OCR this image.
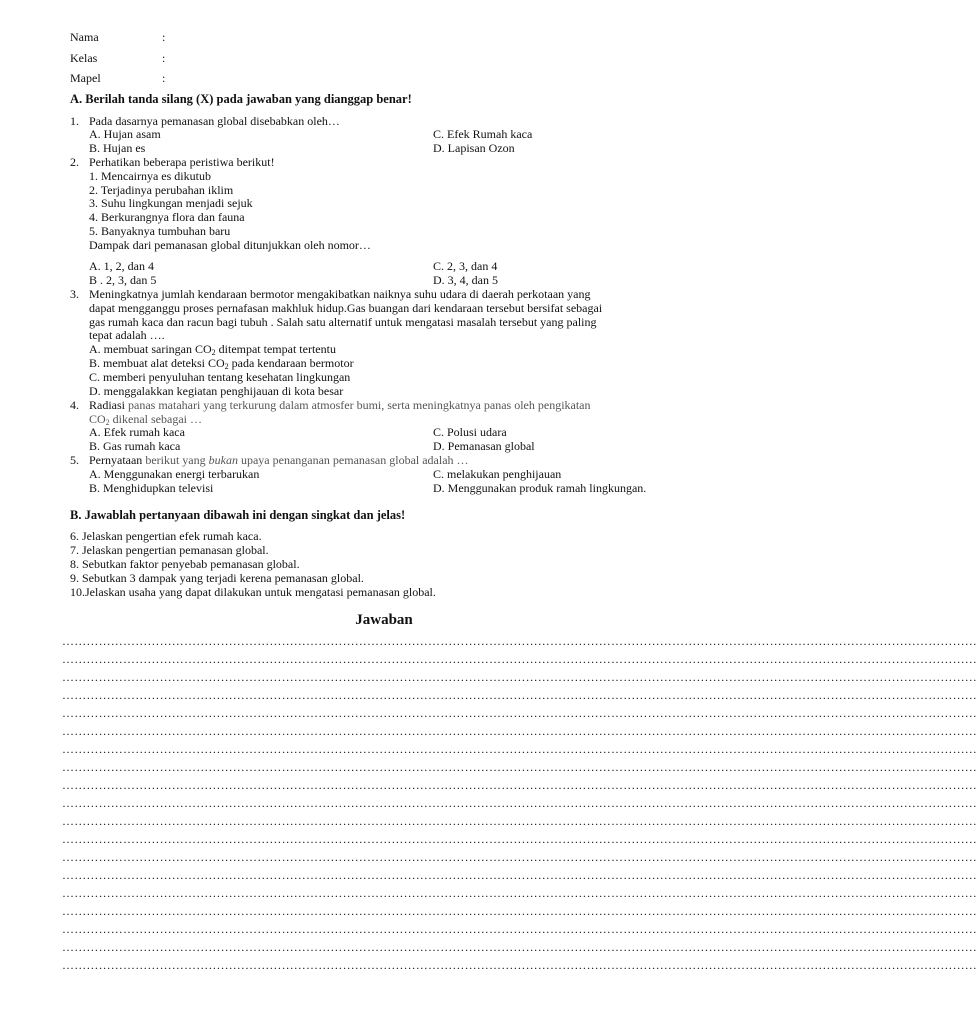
Nama	:
Kelas	:
Mapel	:
A. Berilah tanda silang (X) pada jawaban yang dianggap benar!
1. Pada dasarnya pemanasan global disebabkan oleh…
A. Hujan asam	C. Efek Rumah kaca
B. Hujan es	D. Lapisan Ozon
2. Perhatikan beberapa peristiwa berikut!
1. Mencairnya es dikutub
2. Terjadinya perubahan iklim
3. Suhu lingkungan menjadi sejuk
4. Berkurangnya flora dan fauna
5. Banyaknya tumbuhan baru
Dampak dari pemanasan global ditunjukkan oleh nomor…
A. 1, 2, dan 4	C. 2, 3, dan 4
B . 2, 3, dan 5	D. 3, 4, dan 5
3. Meningkatnya jumlah kendaraan bermotor mengakibatkan naiknya suhu udara di daerah perkotaan yang
dapat mengganggu proses pernafasan makhluk hidup.Gas buangan dari kendaraan tersebut bersifat sebagai
gas rumah kaca dan racun bagi tubuh . Salah satu alternatif untuk mengatasi masalah tersebut yang paling
tepat adalah ….
A. membuat saringan $CO_2$ ditempat tempat tertentu
B. membuat alat deteksi $CO_2$ pada kendaraan bermotor
C. memberi penyuluhan tentang kesehatan lingkungan
D. menggalakkan kegiatan penghijauan di kota besar
4. Radiasi panas matahari yang terkurung dalam atmosfer bumi, serta meningkatnya panas oleh pengikatan
$CO_2$ dikenal sebagai …
A. Efek rumah kaca	C. Polusi udara
B. Gas rumah kaca	D. Pemanasan global
5. Pernyataan berikut yang bukan upaya penanganan pemanasan global adalah …
A. Menggunakan energi terbarukan	C. melakukan penghijauan
B. Menghidupkan televisi	D. Menggunakan produk ramah lingkungan.
B. Jawablah pertanyaan dibawah ini dengan singkat dan jelas!
6. Jelaskan pengertian efek rumah kaca.
7. Jelaskan pengertian pemanasan global.
8. Sebutkan faktor penyebab pemanasan global.
9. Sebutkan 3 dampak yang terjadi kerena pemanasan global.
10.Jelaskan usaha yang dapat dilakukan untuk mengatasi pemanasan global.
Jawaban
………………………………………………………………………………………………………………………………………………………………………………………………………
………………………………………………………………………………………………………………………………………………………………………………………………………
………………………………………………………………………………………………………………………………………………………………………………………………………
………………………………………………………………………………………………………………………………………………………………………………………………………
………………………………………………………………………………………………………………………………………………………………………………………………………
………………………………………………………………………………………………………………………………………………………………………………………………………
………………………………………………………………………………………………………………………………………………………………………………………………………
………………………………………………………………………………………………………………………………………………………………………………………………………
………………………………………………………………………………………………………………………………………………………………………………………………………
………………………………………………………………………………………………………………………………………………………………………………………………………
………………………………………………………………………………………………………………………………………………………………………………………………………
………………………………………………………………………………………………………………………………………………………………………………………………………
………………………………………………………………………………………………………………………………………………………………………………………………………
………………………………………………………………………………………………………………………………………………………………………………………………………
………………………………………………………………………………………………………………………………………………………………………………………………………
………………………………………………………………………………………………………………………………………………………………………………………………………
………………………………………………………………………………………………………………………………………………………………………………………………………
………………………………………………………………………………………………………………………………………………………………………………………………………
………………………………………………………………………………………………………………………………………………………………………………………………………
